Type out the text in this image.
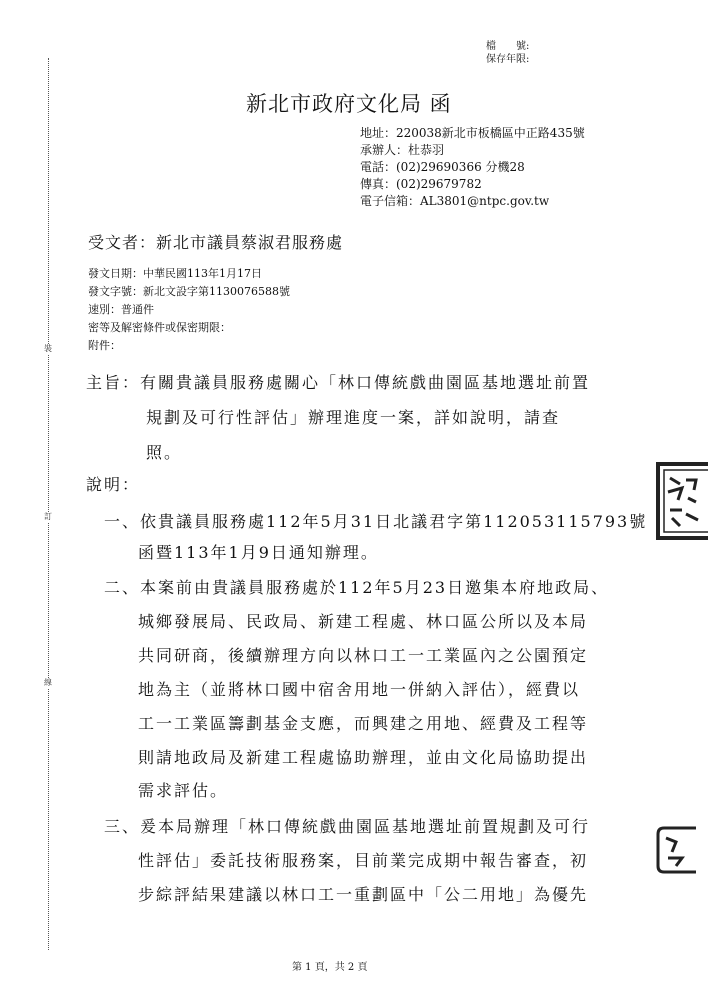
裝
訂
線
檔　　號:
保存年限:
新北市政府文化局 函
地址：220038新北市板橋區中正路435號
承辦人：杜恭羽
電話：(02)29690366 分機28
傳真：(02)29679782
電子信箱：AL3801@ntpc.gov.tw
受文者：新北市議員蔡淑君服務處
發文日期：中華民國113年1月17日
發文字號：新北文設字第1130076588號
速別：普通件
密等及解密條件或保密期限：
附件：
主旨：有關貴議員服務處關心「林口傳統戲曲園區基地選址前置
規劃及可行性評估」辦理進度一案，詳如說明，請查
照。
說明：
一、依貴議員服務處112年5月31日北議君字第112053115793號
函暨113年1月9日通知辦理。
二、本案前由貴議員服務處於112年5月23日邀集本府地政局、
城鄉發展局、民政局、新建工程處、林口區公所以及本局
共同研商，後續辦理方向以林口工一工業區內之公園預定
地為主（並將林口國中宿舍用地一併納入評估），經費以
工一工業區籌劃基金支應，而興建之用地、經費及工程等
則請地政局及新建工程處協助辦理，並由文化局協助提出
需求評估。
三、爰本局辦理「林口傳統戲曲園區基地選址前置規劃及可行
性評估」委託技術服務案，目前業完成期中報告審查，初
步綜評結果建議以林口工一重劃區中「公二用地」為優先
第 1 頁，共 2 頁
